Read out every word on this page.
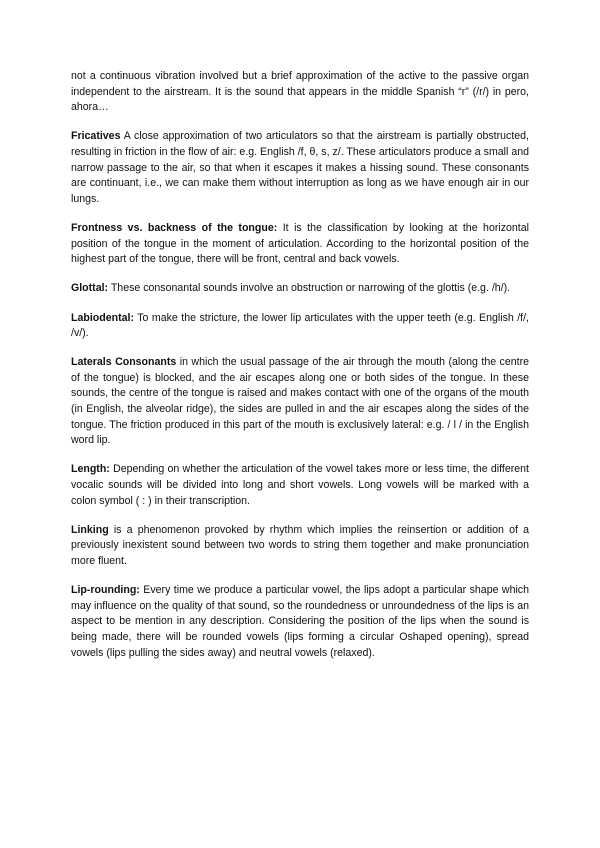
not a continuous vibration involved but a brief approximation of the active to the passive organ independent to the airstream. It is the sound that appears in the middle Spanish “r” (/r/) in pero, ahora…

Fricatives A close approximation of two articulators so that the airstream is partially obstructed, resulting in friction in the flow of air: e.g. English /f, θ, s, z/. These articulators produce a small and narrow passage to the air, so that when it escapes it makes a hissing sound. These consonants are continuant, i.e., we can make them without interruption as long as we have enough air in our lungs.

Frontness vs. backness of the tongue: It is the classification by looking at the horizontal position of the tongue in the moment of articulation. According to the horizontal position of the highest part of the tongue, there will be front, central and back vowels.

Glottal: These consonantal sounds involve an obstruction or narrowing of the glottis (e.g. /h/).

Labiodental: To make the stricture, the lower lip articulates with the upper teeth (e.g. English /f/, /v/).

Laterals Consonants in which the usual passage of the air through the mouth (along the centre of the tongue) is blocked, and the air escapes along one or both sides of the tongue. In these sounds, the centre of the tongue is raised and makes contact with one of the organs of the mouth (in English, the alveolar ridge), the sides are pulled in and the air escapes along the sides of the tongue. The friction produced in this part of the mouth is exclusively lateral: e.g. / l / in the English word lip.

Length: Depending on whether the articulation of the vowel takes more or less time, the different vocalic sounds will be divided into long and short vowels. Long vowels will be marked with a colon symbol ( : ) in their transcription.

Linking is a phenomenon provoked by rhythm which implies the reinsertion or addition of a previously inexistent sound between two words to string them together and make pronunciation more fluent.

Lip-rounding: Every time we produce a particular vowel, the lips adopt a particular shape which may influence on the quality of that sound, so the roundedness or unroundedness of the lips is an aspect to be mention in any description. Considering the position of the lips when the sound is being made, there will be rounded vowels (lips forming a circular Oshaped opening), spread vowels (lips pulling the sides away) and neutral vowels (relaxed).
